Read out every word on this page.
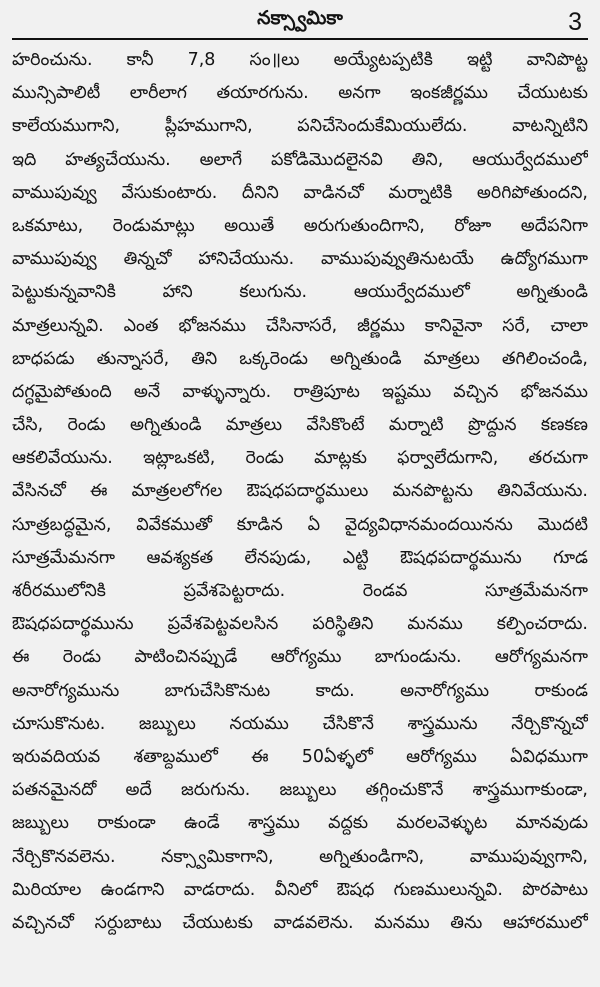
నక్స్వామికా	3
హరించును. కానీ 7,8 సం॥లు అయ్యేటప్పటికి ఇట్టి వానిపొట్ట
మున్సిపాలిటీ లారీలాగ తయారగును. అనగా ఇంకజీర్ణము చేయుటకు
కాలేయముగాని, ప్లీహముగాని, పనిచేసెందుకేమియులేదు. వాటన్నిటిని
ఇది హత్యచేయును. అలాగే పకోడిమొదలైనవి తిని, ఆయుర్వేదములో
వాముపువ్వు వేసుకుంటారు. దీనిని వాడినచో మర్నాటికి అరిగిపోతుందని,
ఒకమాటు, రెండుమాట్లు అయితే అరుగుతుందిగాని, రోజూ అదేపనిగా
వాముపువ్వు తిన్నచో హానిచేయును. వాముపువ్వుతినుటయే ఉద్యోగముగా
పెట్టుకున్నవానికి హాని కలుగును. ఆయుర్వేదములో అగ్నితుండి
మాత్రలున్నవి. ఎంత భోజనము చేసినాసరే, జీర్ణము కానివైనా సరే, చాలా
బాధపడు తున్నాసరే, తిని ఒక్కరెండు అగ్నితుండి మాత్రలు తగిలించండి,
దగ్ధమైపోతుంది అనే వాళ్ళున్నారు. రాత్రిపూట ఇష్టము వచ్చిన భోజనము
చేసి, రెండు అగ్నితుండి మాత్రలు వేసికొంటే మర్నాటి ప్రొద్దున కణకణ
ఆకలివేయును. ఇట్లాఒకటి, రెండు మాట్లకు ఫర్వాలేదుగాని, తరచుగా
వేసినచో ఈ మాత్రలలోగల ఔషధపదార్థములు మనపొట్టను తినివేయును.
సూత్రబద్ధమైన, వివేకముతో కూడిన ఏ వైద్యవిధానమందయినను మొదటి
సూత్రమేమనగా ఆవశ్యకత లేనపుడు, ఎట్టి ఔషధపదార్థమును గూడ
శరీరములోనికి ప్రవేశపెట్టరాదు. రెండవ సూత్రమేమనగా
ఔషధపదార్థమును ప్రవేశపెట్టవలసిన పరిస్థితిని మనము కల్పించరాదు.
ఈ రెండు పాటించినప్పుడే ఆరోగ్యము బాగుండును. ఆరోగ్యమనగా
అనారోగ్యమును బాగుచేసికొనుట కాదు. అనారోగ్యము రాకుండ
చూసుకొనుట. జబ్బులు నయము చేసికొనే శాస్త్రమును నేర్చికొన్నచో
ఇరువదియవ శతాబ్దములో ఈ 50ఏళ్ళలో ఆరోగ్యము ఏవిధముగా
పతనమైనదో అదే జరుగును. జబ్బులు తగ్గించుకొనే శాస్త్రముగాకుండా,
జబ్బులు రాకుండా ఉండే శాస్త్రము వద్దకు మరలవెళ్ళుట మానవుడు
నేర్చికొనవలెను. నక్స్వామికాగాని, అగ్నితుండిగాని, వాముపువ్వుగాని,
మిరియాల ఉండగాని వాడరాదు. వీనిలో ఔషధ గుణములున్నవి. పొరపాటు
వచ్చినచో సర్దుబాటు చేయుటకు వాడవలెను. మనము తిను ఆహారములో
